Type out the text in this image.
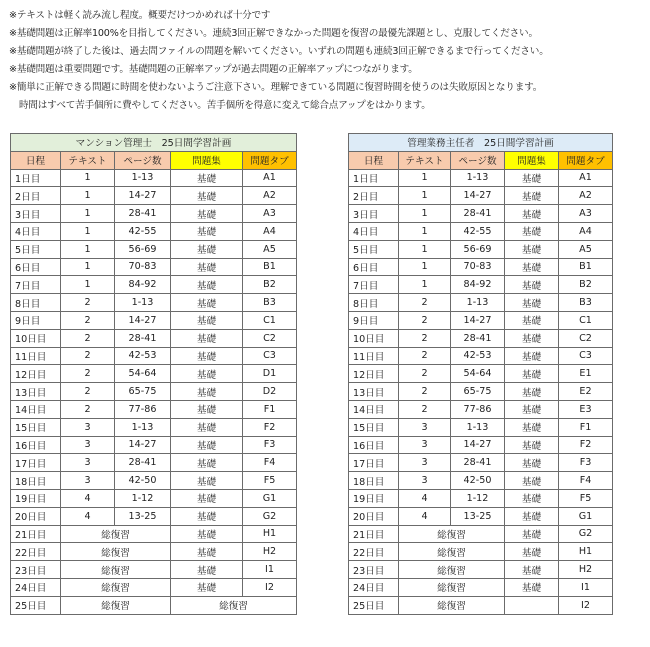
※テキストは軽く読み流し程度。概要だけつかめれば十分です
※基礎問題は正解率100%を目指してください。連続3回正解できなかった問題を復習の最優先課題とし、克服してください。
※基礎問題が終了した後は、過去問ファイルの問題を解いてください。いずれの問題も連続3回正解できるまで行ってください。
※基礎問題は重要問題です。基礎問題の正解率アップが過去問題の正解率アップにつながります。
※簡単に正解できる問題に時間を使わないようご注意下さい。理解できている問題に復習時間を使うのは失敗原因となります。
時間はすべて苦手個所に費やしてください。苦手個所を得意に変えて総合点アップをはかります。
マンション管理士　25日間学習計画				
日程	テキスト	ページ数	問題集	問題タブ
1日目	1	1-13	基礎	A1
2日目	1	14-27	基礎	A2
3日目	1	28-41	基礎	A3
4日目	1	42-55	基礎	A4
5日目	1	56-69	基礎	A5
6日目	1	70-83	基礎	B1
7日目	1	84-92	基礎	B2
8日目	2	1-13	基礎	B3
9日目	2	14-27	基礎	C1
10日目	2	28-41	基礎	C2
11日目	2	42-53	基礎	C3
12日目	2	54-64	基礎	D1
13日目	2	65-75	基礎	D2
14日目	2	77-86	基礎	F1
15日目	3	1-13	基礎	F2
16日目	3	14-27	基礎	F3
17日目	3	28-41	基礎	F4
18日目	3	42-50	基礎	F5
19日目	4	1-12	基礎	G1
20日目	4	13-25	基礎	G2
21日目	総復習		基礎	H1
22日目	総復習		基礎	H2
23日目	総復習		基礎	I1
24日目	総復習		基礎	I2
25日目	総復習		総復習	
管理業務主任者　25日間学習計画				
日程	テキスト	ページ数	問題集	問題タブ
1日目	1	1-13	基礎	A1
2日目	1	14-27	基礎	A2
3日目	1	28-41	基礎	A3
4日目	1	42-55	基礎	A4
5日目	1	56-69	基礎	A5
6日目	1	70-83	基礎	B1
7日目	1	84-92	基礎	B2
8日目	2	1-13	基礎	B3
9日目	2	14-27	基礎	C1
10日目	2	28-41	基礎	C2
11日目	2	42-53	基礎	C3
12日目	2	54-64	基礎	E1
13日目	2	65-75	基礎	E2
14日目	2	77-86	基礎	E3
15日目	3	1-13	基礎	F1
16日目	3	14-27	基礎	F2
17日目	3	28-41	基礎	F3
18日目	3	42-50	基礎	F4
19日目	4	1-12	基礎	F5
20日目	4	13-25	基礎	G1
21日目	総復習		基礎	G2
22日目	総復習		基礎	H1
23日目	総復習		基礎	H2
24日目	総復習		基礎	I1
25日目	総復習			I2
